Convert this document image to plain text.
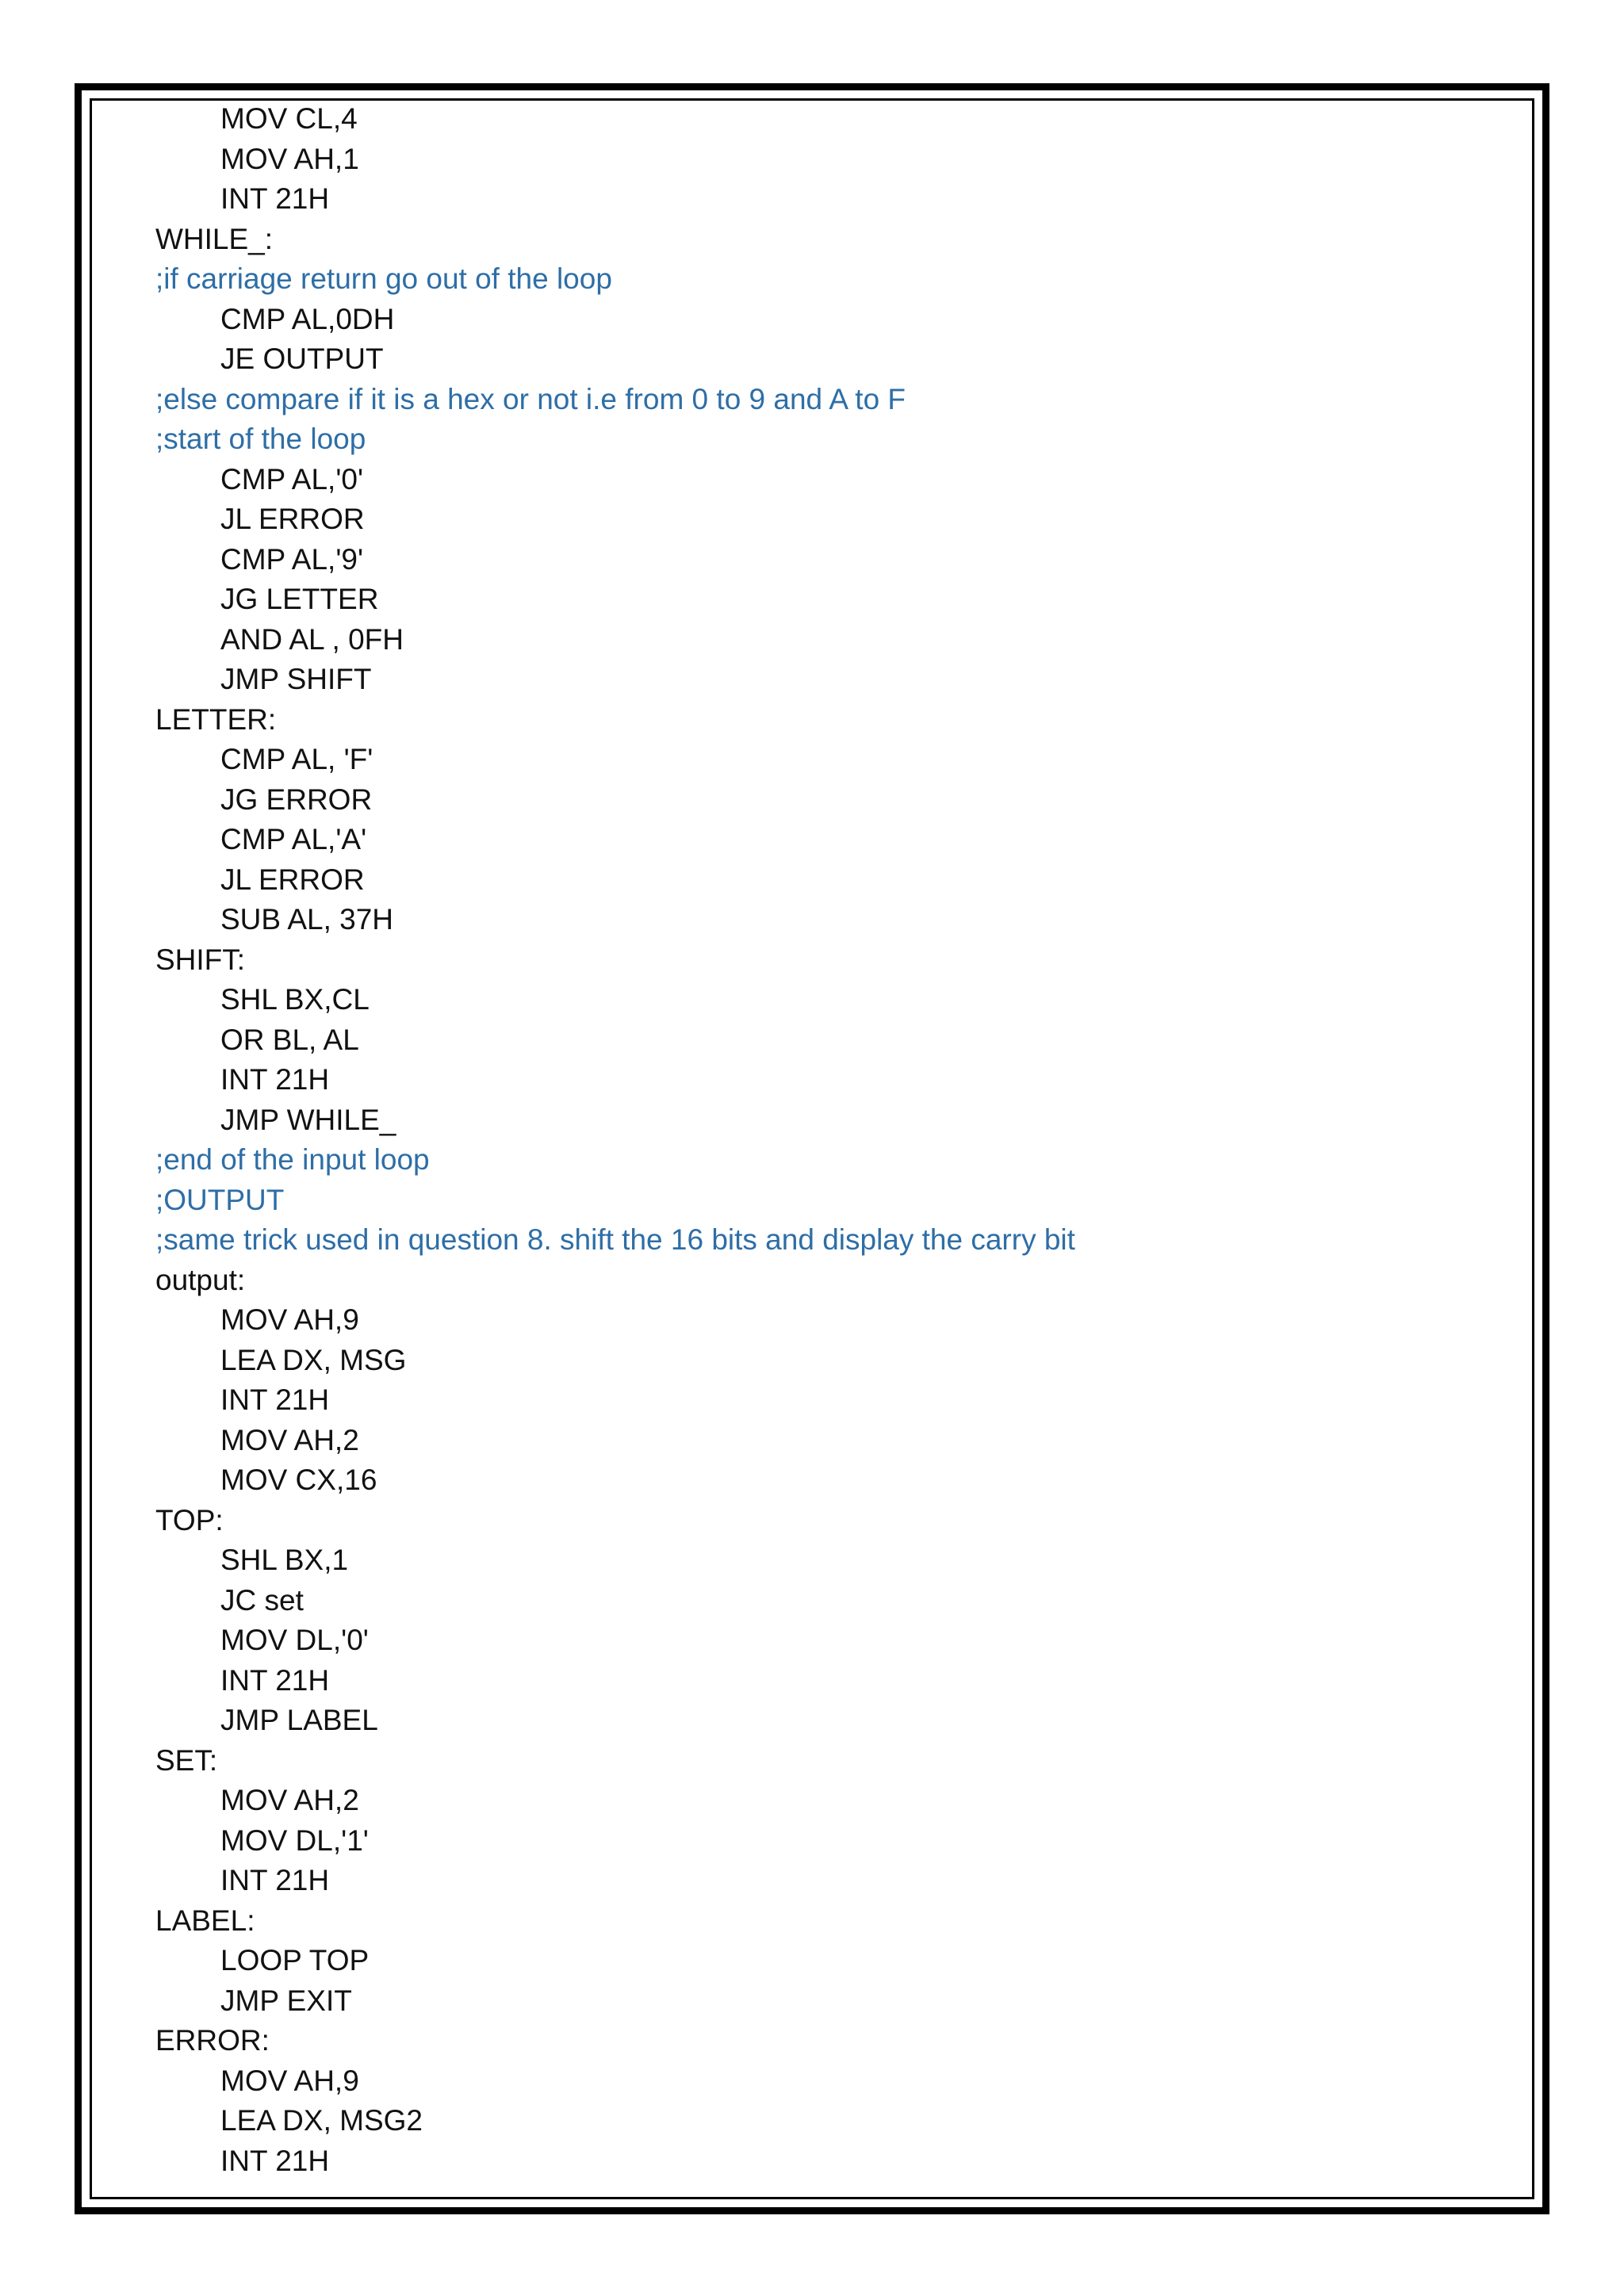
MOV CL,4
MOV AH,1
INT 21H
WHILE_:
;if carriage return go out of the loop
CMP AL,0DH
JE OUTPUT
;else compare if it is a hex or not i.e from 0 to 9 and A to F
;start of the loop
CMP AL,'0'
JL ERROR
CMP AL,'9'
JG LETTER
AND AL , 0FH
JMP SHIFT
LETTER:
CMP AL, 'F'
JG ERROR
CMP AL,'A'
JL ERROR
SUB AL, 37H
SHIFT:
SHL BX,CL
OR BL, AL
INT 21H
JMP WHILE_
;end of the input loop
;OUTPUT
;same trick used in question 8. shift the 16 bits and display the carry bit
output:
MOV AH,9
LEA DX, MSG
INT 21H
MOV AH,2
MOV CX,16
TOP:
SHL BX,1
JC set
MOV DL,'0'
INT 21H
JMP LABEL
SET:
MOV AH,2
MOV DL,'1'
INT 21H
LABEL:
LOOP TOP
JMP EXIT
ERROR:
MOV AH,9
LEA DX, MSG2
INT 21H
